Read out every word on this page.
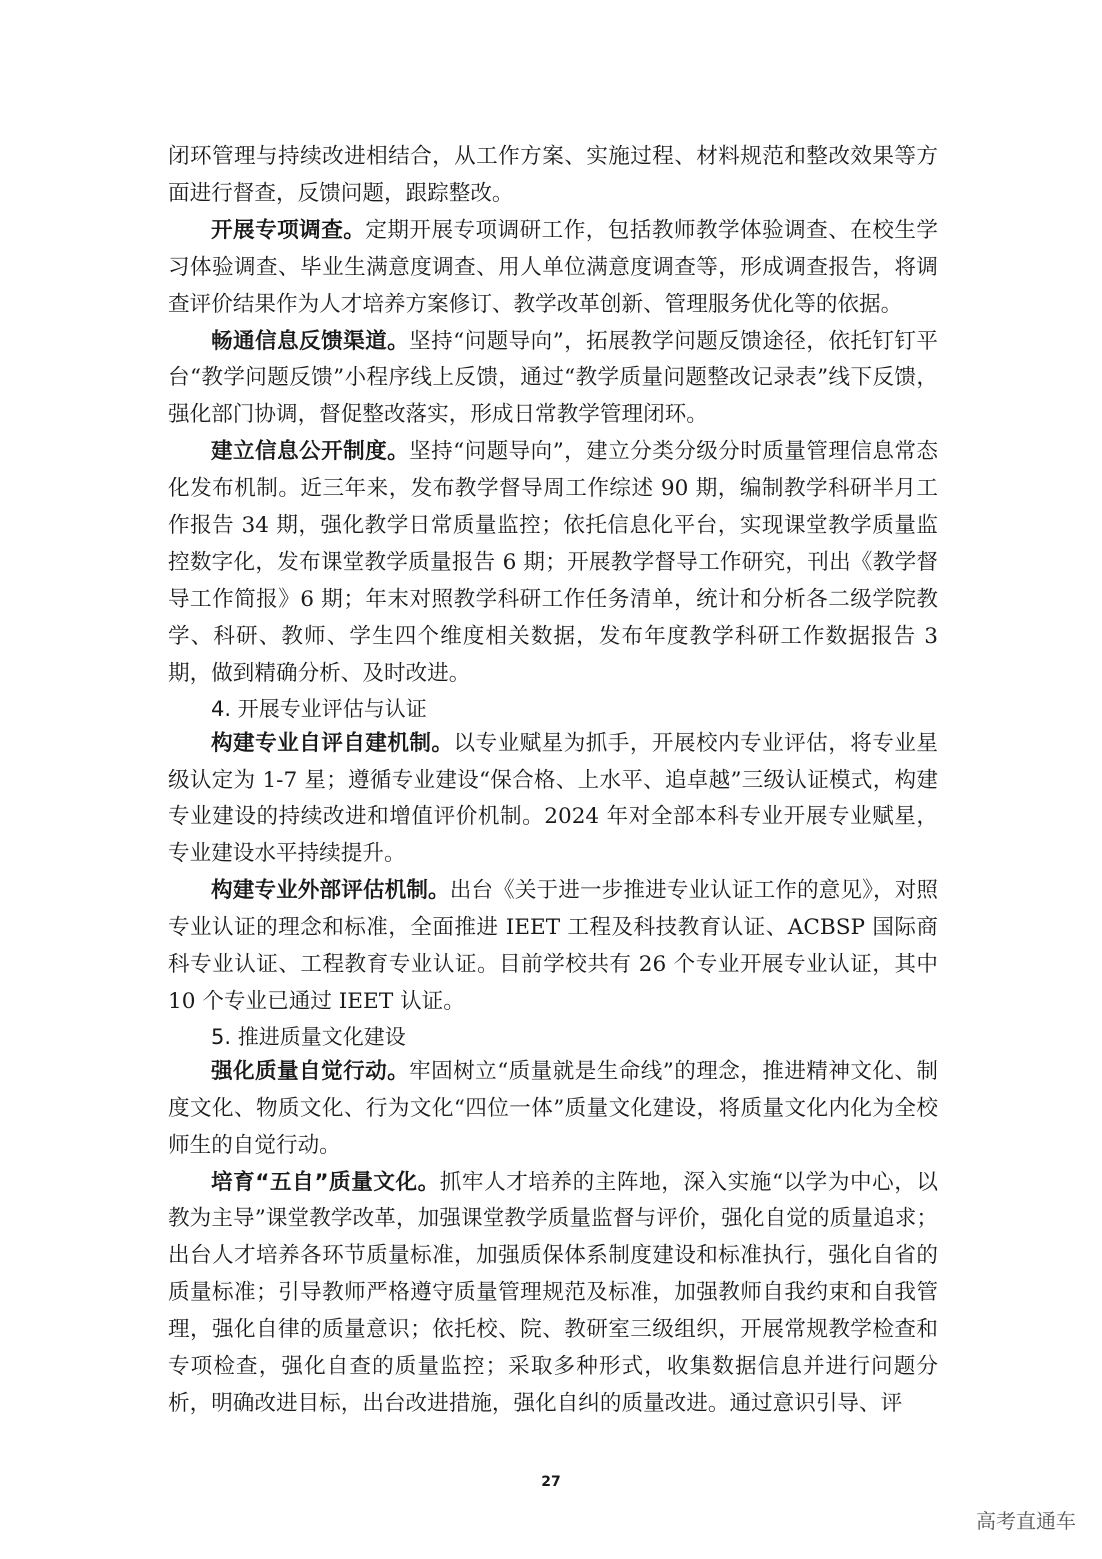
闭环管理与持续改进相结合，从工作方案、实施过程、材料规范和整改效果等方面进行督查，反馈问题，跟踪整改。

开展专项调查。定期开展专项调研工作，包括教师教学体验调查、在校生学习体验调查、毕业生满意度调查、用人单位满意度调查等，形成调查报告，将调查评价结果作为人才培养方案修订、教学改革创新、管理服务优化等的依据。

畅通信息反馈渠道。坚持“问题导向”，拓展教学问题反馈途径，依托钉钉平台“教学问题反馈”小程序线上反馈，通过“教学质量问题整改记录表”线下反馈，强化部门协调，督促整改落实，形成日常教学管理闭环。

建立信息公开制度。坚持“问题导向”，建立分类分级分时质量管理信息常态化发布机制。近三年来，发布教学督导周工作综述 90 期，编制教学科研半月工作报告 34 期，强化教学日常质量监控；依托信息化平台，实现课堂教学质量监控数字化，发布课堂教学质量报告 6 期；开展教学督导工作研究，刊出《教学督导工作简报》6 期；年末对照教学科研工作任务清单，统计和分析各二级学院教学、科研、教师、学生四个维度相关数据，发布年度教学科研工作数据报告 3 期，做到精确分析、及时改进。

4. 开展专业评估与认证

构建专业自评自建机制。以专业赋星为抓手，开展校内专业评估，将专业星级认定为 1-7 星；遵循专业建设“保合格、上水平、追卓越”三级认证模式，构建专业建设的持续改进和增值评价机制。2024 年对全部本科专业开展专业赋星，专业建设水平持续提升。

构建专业外部评估机制。出台《关于进一步推进专业认证工作的意见》，对照专业认证的理念和标准，全面推进 IEET 工程及科技教育认证、ACBSP 国际商科专业认证、工程教育专业认证。目前学校共有 26 个专业开展专业认证，其中 10 个专业已通过 IEET 认证。

5. 推进质量文化建设

强化质量自觉行动。牢固树立“质量就是生命线”的理念，推进精神文化、制度文化、物质文化、行为文化“四位一体”质量文化建设，将质量文化内化为全校师生的自觉行动。

培育“五自”质量文化。抓牢人才培养的主阵地，深入实施“以学为中心，以教为主导”课堂教学改革，加强课堂教学质量监督与评价，强化自觉的质量追求；出台人才培养各环节质量标准，加强质保体系制度建设和标准执行，强化自省的质量标准；引导教师严格遵守质量管理规范及标准，加强教师自我约束和自我管理，强化自律的质量意识；依托校、院、教研室三级组织，开展常规教学检查和专项检查，强化自查的质量监控；采取多种形式，收集数据信息并进行问题分析，明确改进目标，出台改进措施，强化自纠的质量改进。通过意识引导、评

27
高考直通车
